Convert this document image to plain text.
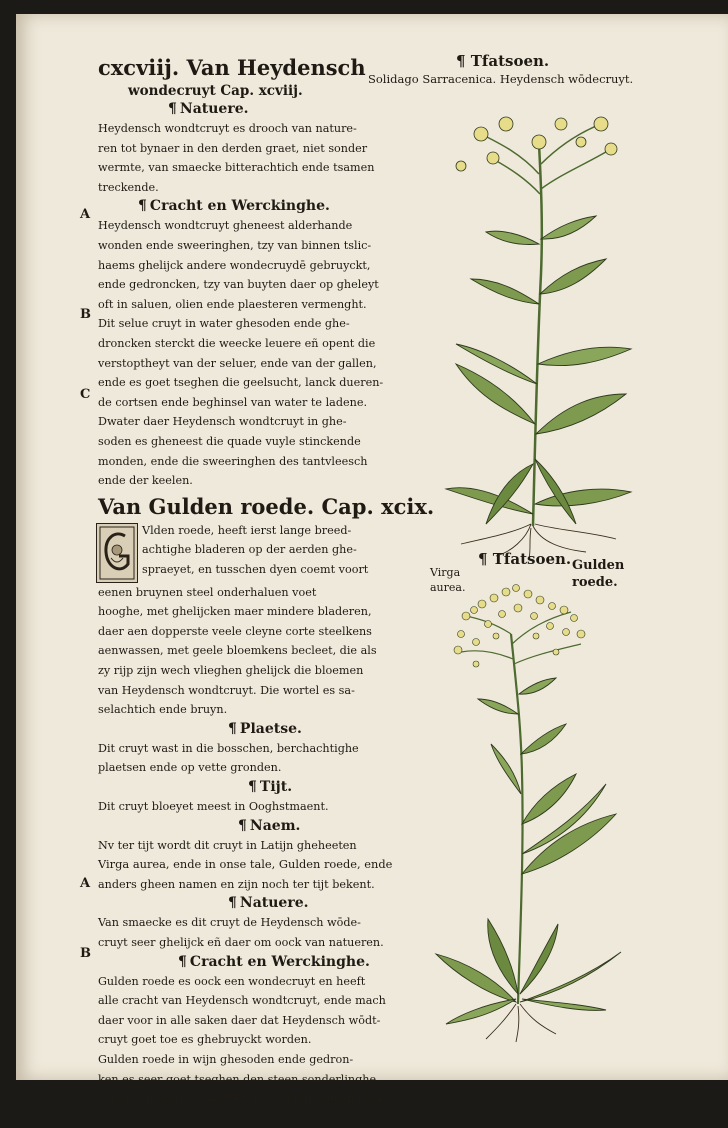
cxcviij. Van Heydensch
wondecruyt Cap. xcviij.
¶ Natuere.
Heydensch wondtcruyt es drooch van nature-
ren tot bynaer in den derden graet, niet sonder
wermte, van smaecke bitterachtich ende tsamen
treckende.
¶ Cracht en Werckinghe.
Heydensch wondtcruyt gheneest alderhande
wonden ende sweeringhen, tzy van binnen tslic-
haems ghelijck andere wondecruydē gebruyckt,
ende gedroncken, tzy van buyten daer op gheleyt
oft in saluen, olien ende plaesteren vermenght.
Dit selue cruyt in water ghesoden ende ghe-
droncken sterckt die weecke leuere eñ opent die
verstoptheyt van der seluer, ende van der gallen,
ende es goet tseghen die geelsucht, lanck dueren-
de cortsen ende beghinsel van water te ladene.
Dwater daer Heydensch wondtcruyt in ghe-
soden es gheneest die quade vuyle stinckende
monden, ende die sweeringhen des tantvleesch
ende der keelen.
Van Gulden roede. Cap. xcix.
Vlden roede, heeft ierst lange breed-
achtighe bladeren op der aerden ghe-
spraeyet, en tusschen dyen coemt voort
eenen bruynen steel onderhaluen voet
hooghe, met ghelijcken maer mindere bladeren,
daer aen dopperste veele cleyne corte steelkens
aenwassen, met geele bloemkens becleet, die als
zy rijp zijn wech vlieghen ghelijck die bloemen
van Heydensch wondtcruyt. Die wortel es sa-
selachtich ende bruyn.
¶ Plaetse.
Dit cruyt wast in die bosschen, berchachtighe
plaetsen ende op vette gronden.
¶ Tijt.
Dit cruyt bloeyet meest in Ooghstmaent.
¶ Naem.
Nv ter tijt wordt dit cruyt in Latijn gheheeten
Virga aurea, ende in onse tale, Gulden roede, ende
anders gheen namen en zijn noch ter tijt bekent.
¶ Natuere.
Van smaecke es dit cruyt de Heydensch wōde-
cruyt seer ghelijck eñ daer om oock van natueren.
¶ Cracht en Werckinghe.
Gulden roede es oock een wondecruyt en heeft
alle cracht van Heydensch wondtcruyt, ende mach
daer voor in alle saken daer dat Heydensch wōdt-
cruyt goet toe es ghebruyckt worden.
Gulden roede in wijn ghesoden ende gedron-
ken es seer goet tseghen den steen sonderlinghe
van den nieren, ende doet den seluen breken ende
met
A
B
C
A
B
¶ Tfatsoen.
Solidago Sarracenica. Heydensch wōdecruyt.
¶ Tfatsoen.
Virga
aurea.
Gulden
roede.
